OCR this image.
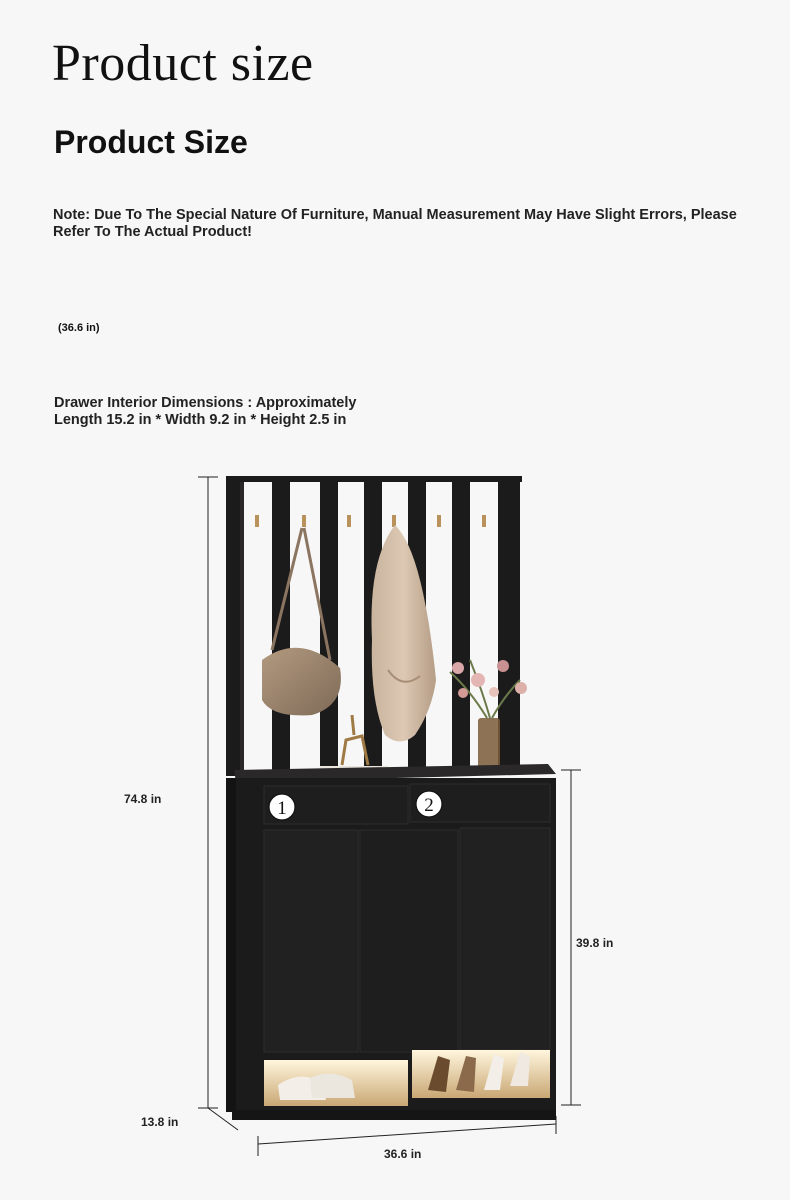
Product size
Product Size
Note: Due To The Special Nature Of Furniture, Manual Measurement May Have Slight Errors, Please
Refer To The Actual Product!
(36.6 in)
Drawer Interior Dimensions : Approximately
Length 15.2 in * Width 9.2 in * Height 2.5 in
1	2
74.8 in
39.8 in
13.8 in
36.6 in
